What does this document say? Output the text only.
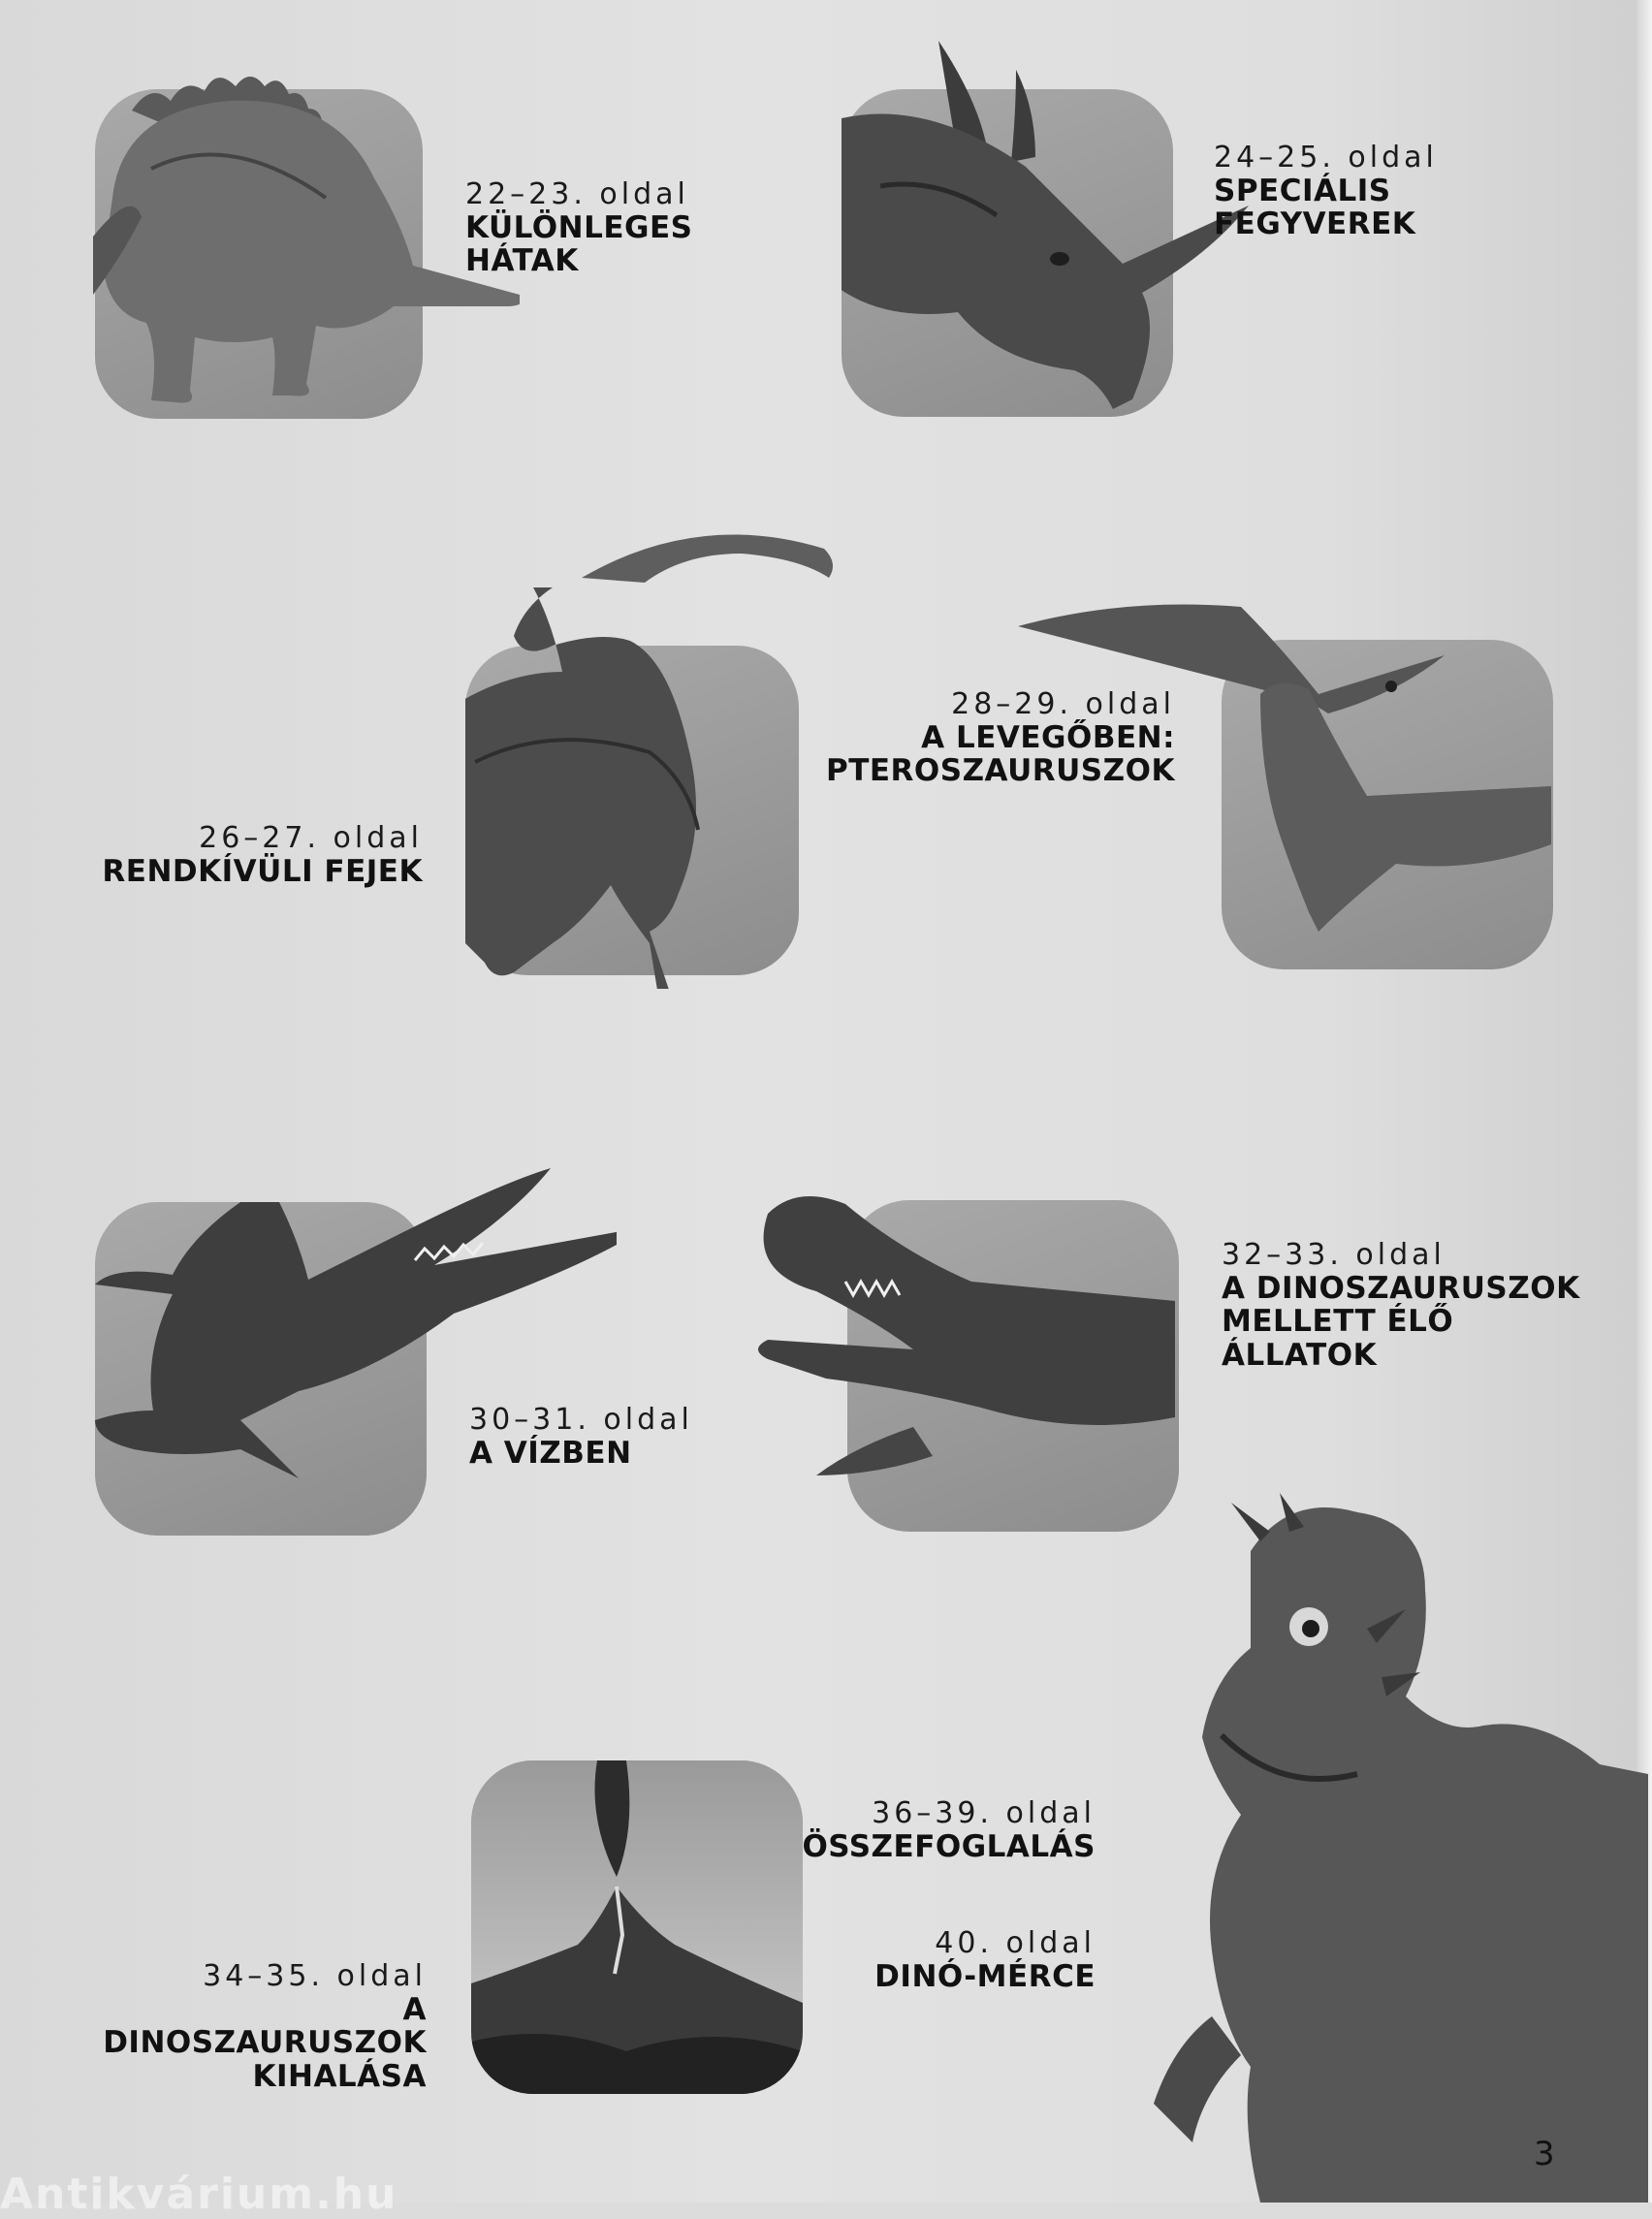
22–23. oldal
KÜLÖNLEGES
HÁTAK
24–25. oldal
SPECIÁLIS
FEGYVEREK
26–27. oldal
RENDKÍVÜLI FEJEK
28–29. oldal
A LEVEGŐBEN:
PTEROSZAURUSZOK
30–31. oldal
A VÍZBEN
32–33. oldal
A DINOSZAURUSZOK
MELLETT ÉLŐ
ÁLLATOK
34–35. oldal
A DINOSZAURUSZOK
KIHALÁSA
36–39. oldal
ÖSSZEFOGLALÁS
40. oldal
DINÓ-MÉRCE
3
Antikvárium.hu
